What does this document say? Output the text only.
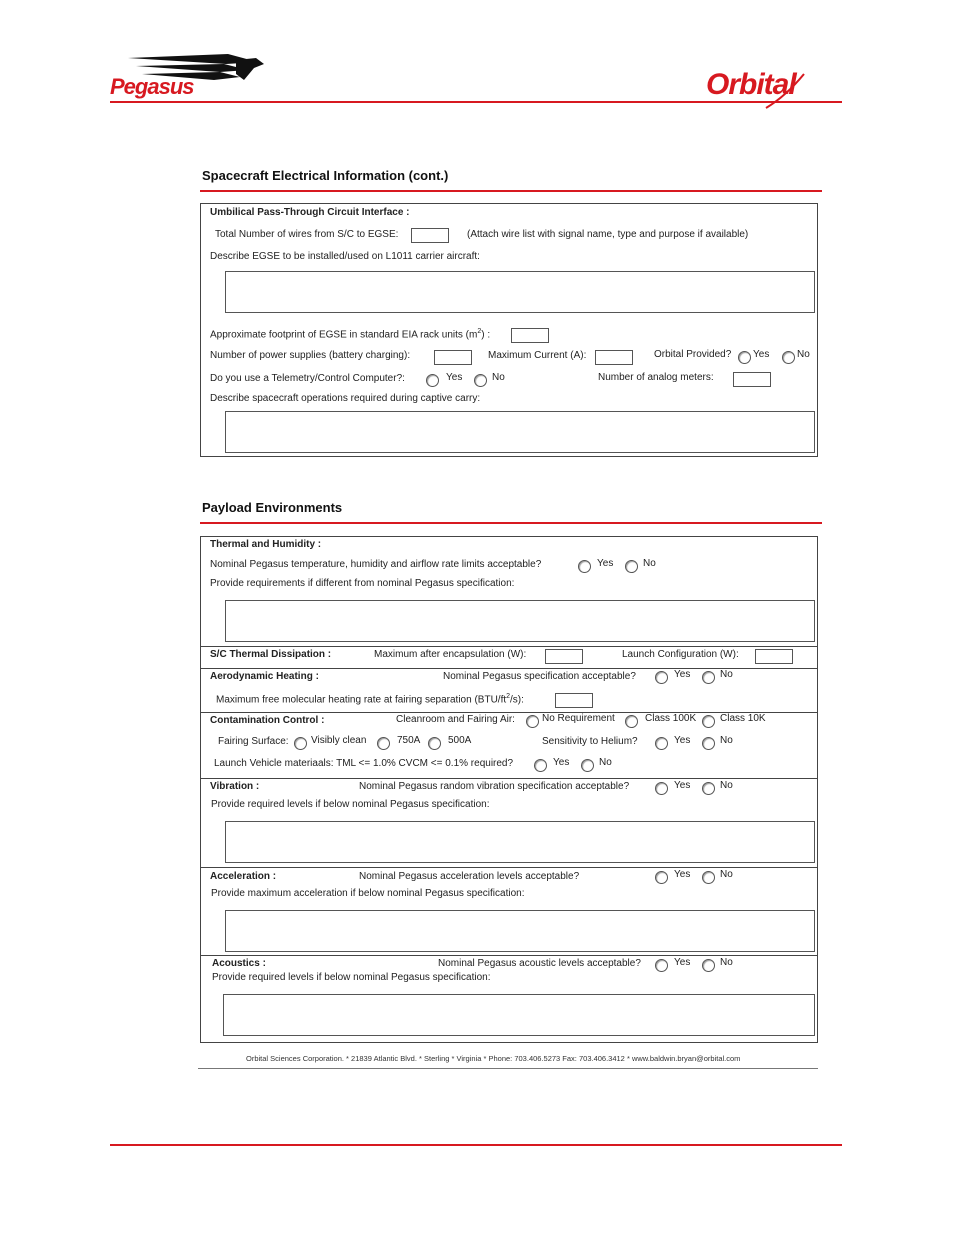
Pegasus	Orbital
Spacecraft Electrical Information (cont.)
Umbilical Pass-Through Circuit Interface :
Total Number of wires from S/C to EGSE:	(Attach wire list with signal name, type and purpose if available)
Describe EGSE to be installed/used on L1011 carrier aircraft:
Approximate footprint of EGSE in standard EIA rack units $(m^2)$ :
Number of power supplies (battery charging):	Maximum Current (A):	Orbital Provided? Yes	No
Do you use a Telemetry/Control Computer?:	Yes	No	Number of analog meters:
Describe spacecraft operations required during captive carry:
Payload Environments
Thermal and Humidity :
Nominal Pegasus temperature, humidity and airflow rate limits acceptable?	Yes	No
Provide requirements if different from nominal Pegasus specification:
S/C Thermal Dissipation :	Maximum after encapsulation (W):	Launch Configuration (W):
Aerodynamic Heating :	Nominal Pegasus specification acceptable?	Yes	No
Maximum free molecular heating rate at fairing separation $(BTU/ft^2/s)$:
Contamination Control :	Cleanroom and Fairing Air:	No Requirement	Class 100K Class 10K
Fairing Surface: Visibly clean	750A	500A	Sensitivity to Helium?	Yes	No
Launch Vehicle materiaals: TML <= 1.0% CVCM <= 0.1% required?	Yes	No
Vibration :	Nominal Pegasus random vibration specification acceptable?	Yes	No
Provide required levels if below nominal Pegasus specification:
Acceleration :	Nominal Pegasus acceleration levels acceptable?	Yes	No
Provide maximum acceleration if below nominal Pegasus specification:
Acoustics :	Nominal Pegasus acoustic levels acceptable?	Yes	No
Provide required levels if below nominal Pegasus specification:
Orbital Sciences Corporation. * 21839 Atlantic Blvd. * Sterling * Virginia * Phone: 703.406.5273 Fax: 703.406.3412 * www.baldwin.bryan@orbital.com
